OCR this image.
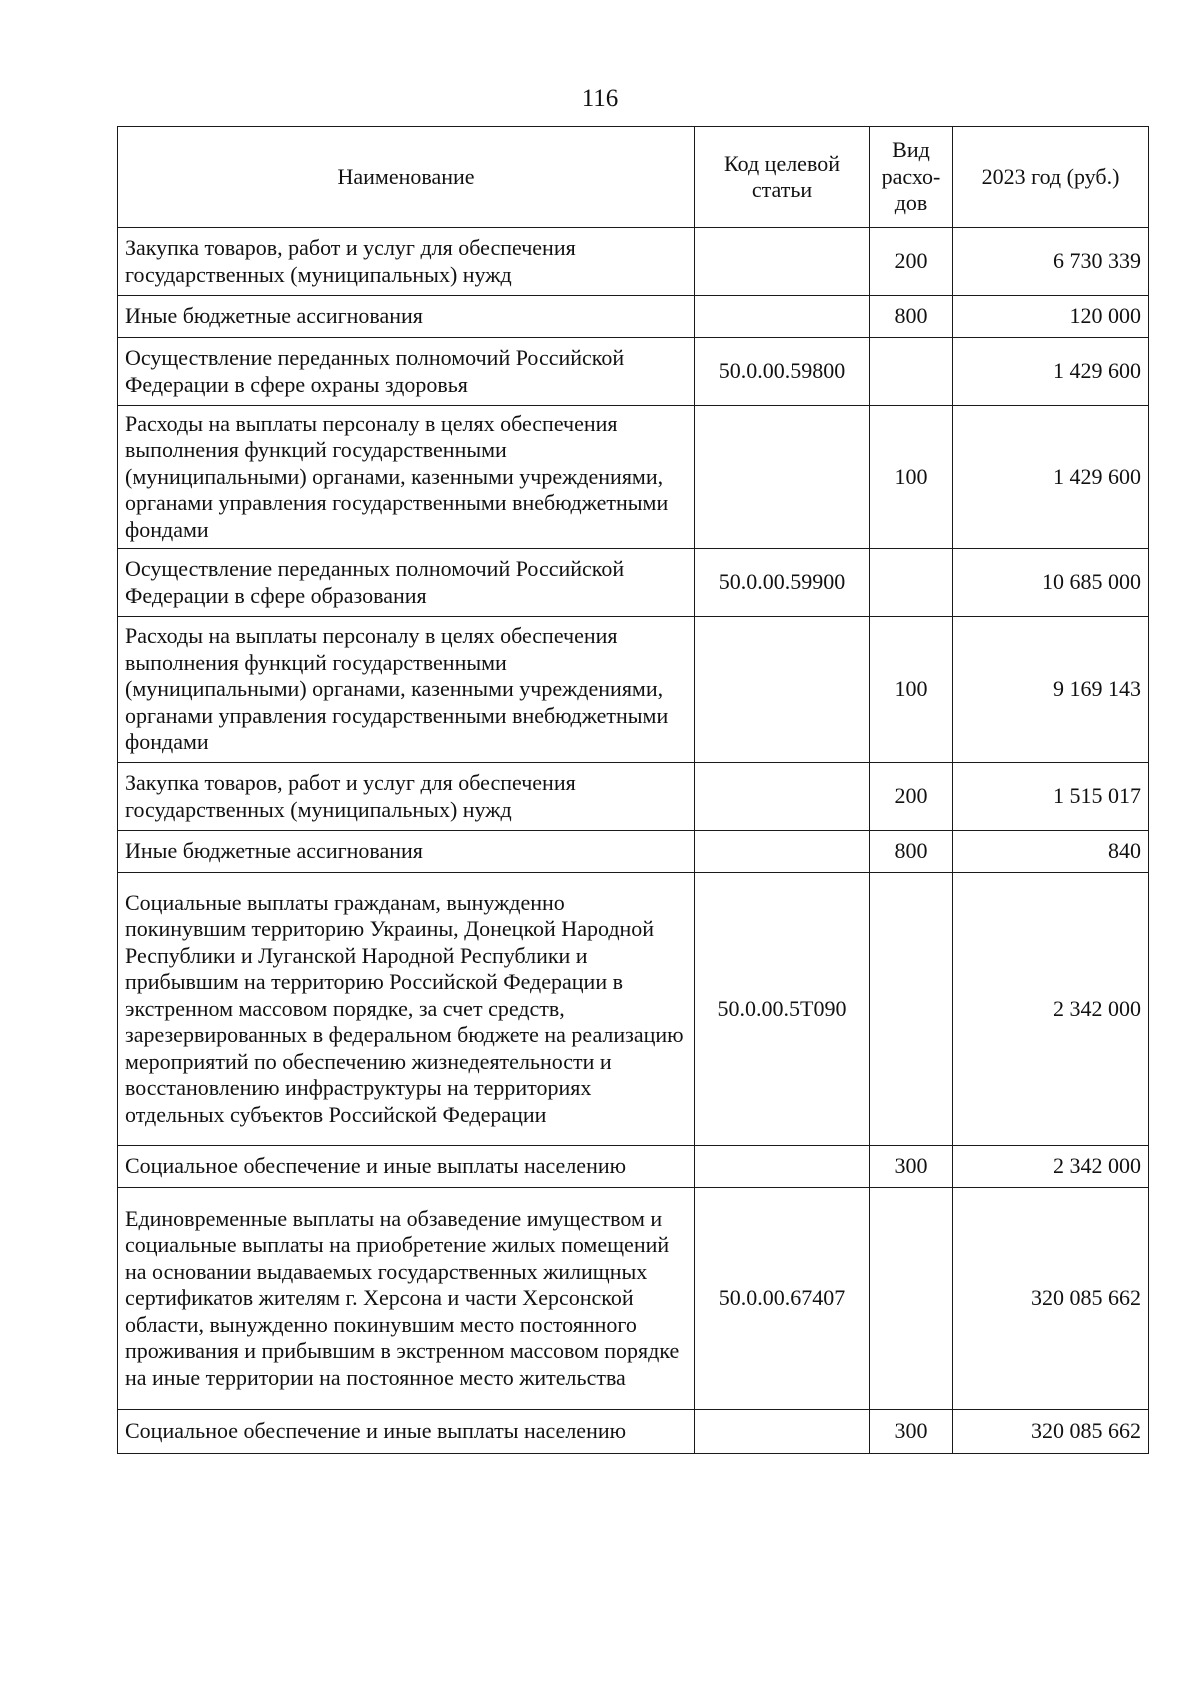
116
Наименование	Код целевой статьи	Вид расхо-дов	2023 год (руб.)
Закупка товаров, работ и услуг для обеспечения государственных (муниципальных) нужд		200	6 730 339
Иные бюджетные ассигнования		800	120 000
Осуществление переданных полномочий Российской Федерации в сфере охраны здоровья	50.0.00.59800		1 429 600
Расходы на выплаты персоналу в целях обеспечения выполнения функций государственными (муниципальными) органами, казенными учреждениями, органами управления государственными внебюджетными фондами		100	1 429 600
Осуществление переданных полномочий Российской Федерации в сфере образования	50.0.00.59900		10 685 000
Расходы на выплаты персоналу в целях обеспечения выполнения функций государственными (муниципальными) органами, казенными учреждениями, органами управления государственными внебюджетными фондами		100	9 169 143
Закупка товаров, работ и услуг для обеспечения государственных (муниципальных) нужд		200	1 515 017
Иные бюджетные ассигнования		800	840
Социальные выплаты гражданам, вынужденно покинувшим территорию Украины, Донецкой Народной Республики и Луганской Народной Республики и прибывшим на территорию Российской Федерации в экстренном массовом порядке, за счет средств, зарезервированных в федеральном бюджете на реализацию мероприятий по обеспечению жизнедеятельности и восстановлению инфраструктуры на территориях отдельных субъектов Российской Федерации	50.0.00.5Т090		2 342 000
Социальное обеспечение и иные выплаты населению		300	2 342 000
Единовременные выплаты на обзаведение имуществом и социальные выплаты на приобретение жилых помещений на основании выдаваемых государственных жилищных сертификатов жителям г. Херсона и части Херсонской области, вынужденно покинувшим место постоянного проживания и прибывшим в экстренном массовом порядке на иные территории на постоянное место жительства	50.0.00.67407		320 085 662
Социальное обеспечение и иные выплаты населению		300	320 085 662
